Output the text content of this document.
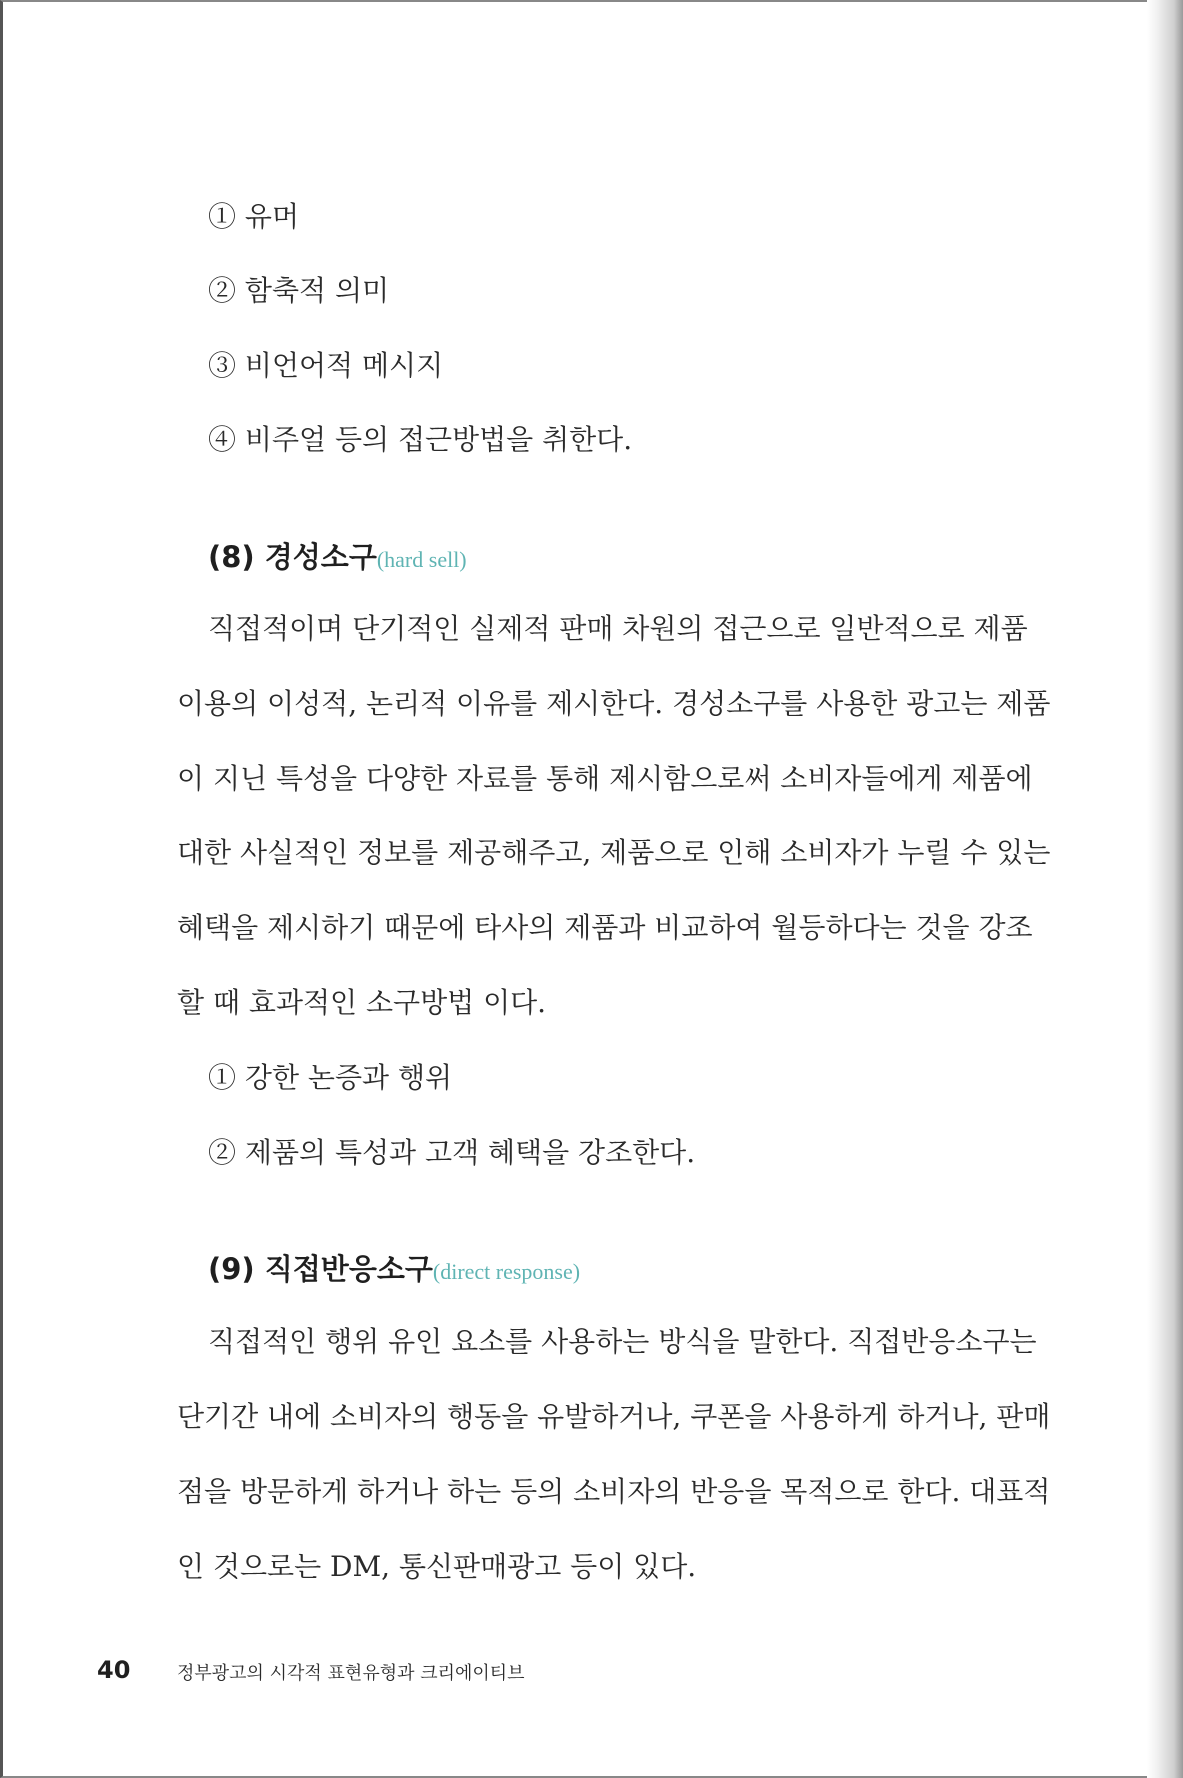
① 유머
② 함축적 의미
③ 비언어적 메시지
④ 비주얼 등의 접근방법을 취한다.
(8) 경성소구(hard sell)
직접적이며 단기적인 실제적 판매 차원의 접근으로 일반적으로 제품
이용의 이성적, 논리적 이유를 제시한다. 경성소구를 사용한 광고는 제품
이 지닌 특성을 다양한 자료를 통해 제시함으로써 소비자들에게 제품에
대한 사실적인 정보를 제공해주고, 제품으로 인해 소비자가 누릴 수 있는
혜택을 제시하기 때문에 타사의 제품과 비교하여 월등하다는 것을 강조
할 때 효과적인 소구방법 이다.
① 강한 논증과 행위
② 제품의 특성과 고객 혜택을 강조한다.
(9) 직접반응소구(direct response)
직접적인 행위 유인 요소를 사용하는 방식을 말한다. 직접반응소구는
단기간 내에 소비자의 행동을 유발하거나, 쿠폰을 사용하게 하거나, 판매
점을 방문하게 하거나 하는 등의 소비자의 반응을 목적으로 한다. 대표적
인 것으로는 DM, 통신판매광고 등이 있다.
40	정부광고의 시각적 표현유형과 크리에이티브
